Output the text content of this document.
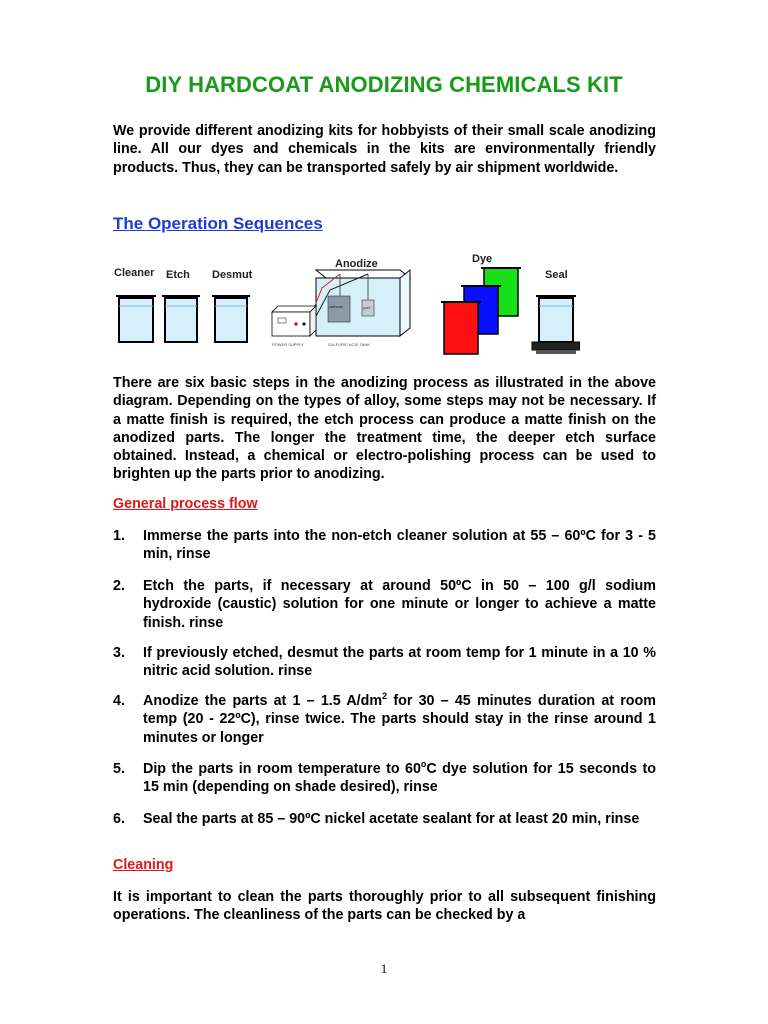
DIY HARDCOAT ANODIZING CHEMICALS KIT
We provide different anodizing kits for hobbyists of their small scale anodizing line. All our dyes and chemicals in the kits are environmentally friendly products. Thus, they can be transported safely by air shipment worldwide.
The Operation Sequences
Cleaner Etch Desmut
Anodize	Dye
Seal
cathode	part
POWER SUPPLY	SULFURIC ACID TANK
There are six basic steps in the anodizing process as illustrated in the above diagram. Depending on the types of alloy, some steps may not be necessary. If a matte finish is required, the etch process can produce a matte finish on the anodized parts. The longer the treatment time, the deeper etch surface obtained. Instead, a chemical or electro-polishing process can be used to brighten up the parts prior to anodizing.
General process flow
1.	Immerse the parts into the non-etch cleaner solution at 55 – 60ºC for 3 - 5 min, rinse
2.	Etch the parts, if necessary at around 50ºC in 50 – 100 g/l sodium hydroxide (caustic) solution for one minute or longer to achieve a matte finish. rinse
3.	If previously etched, desmut the parts at room temp for 1 minute in a 10 % nitric acid solution. rinse
4.	Anodize the parts at 1 – 1.5 $A/dm^2$ for 30 – 45 minutes duration at room temp (20 - 22ºC), rinse twice. The parts should stay in the rinse around 1 minutes or longer
5.	Dip the parts in room temperature to 60$^o$C dye solution for 15 seconds to 15 min (depending on shade desired), rinse
6.	Seal the parts at 85 – 90ºC nickel acetate sealant for at least 20 min, rinse
Cleaning
It is important to clean the parts thoroughly prior to all subsequent finishing operations. The cleanliness of the parts can be checked by a
1
